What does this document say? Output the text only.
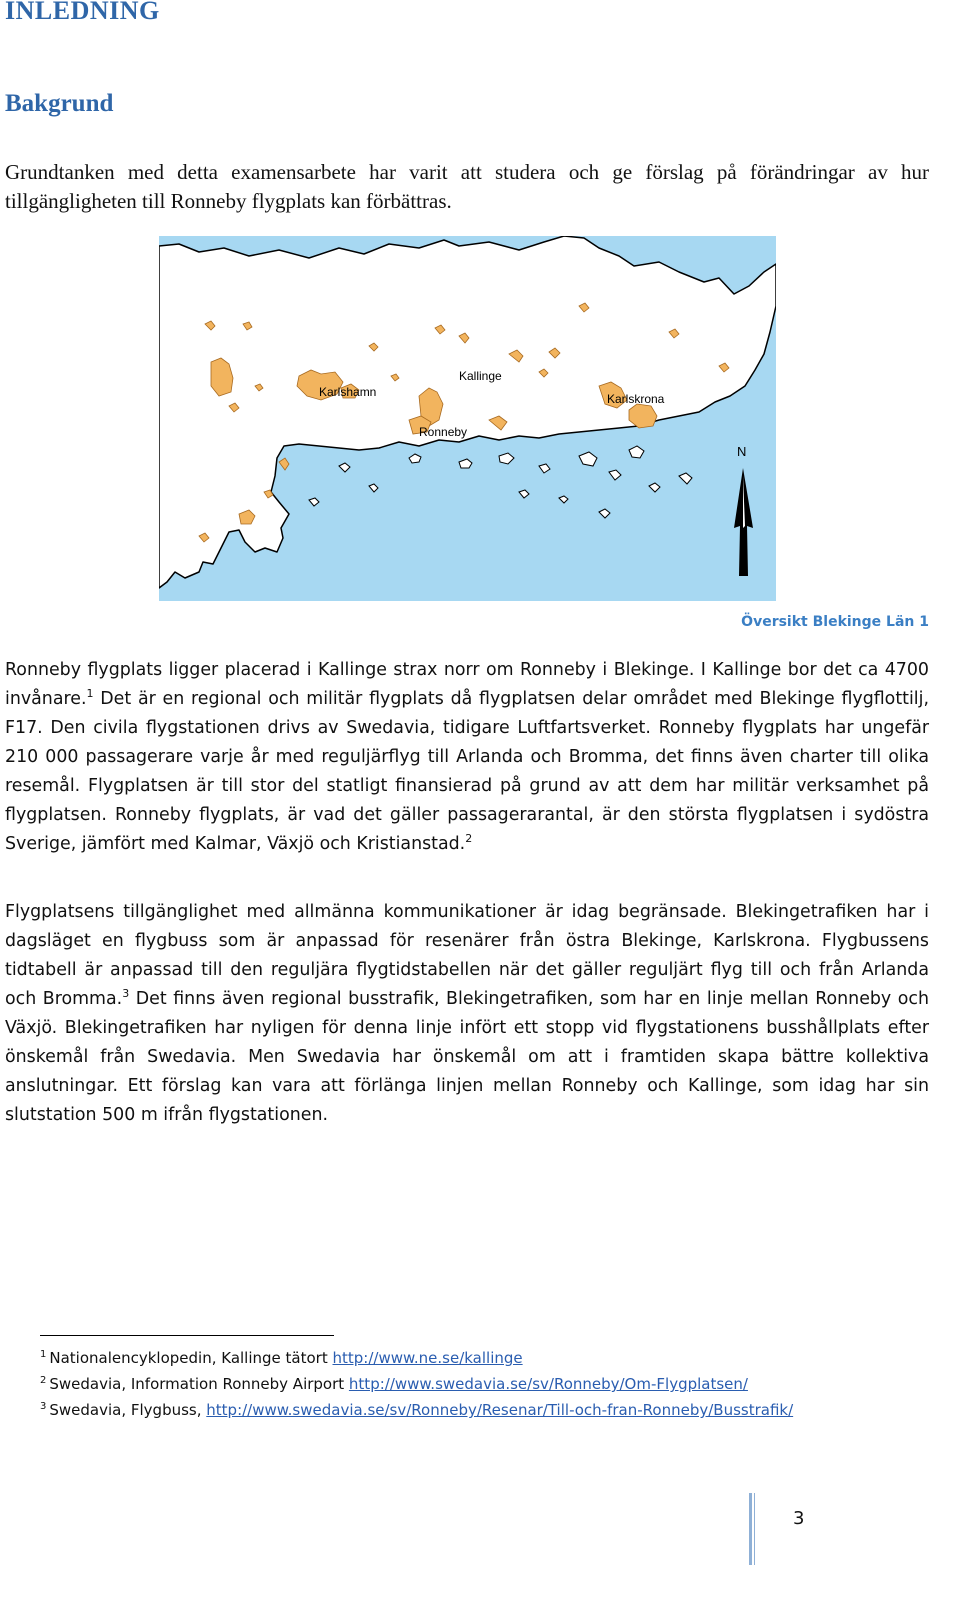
INLEDNING
Bakgrund

Grundtanken med detta examensarbete har varit att studera och ge förslag på förändringar av hur tillgängligheten till Ronneby flygplats kan förbättras.

Karlshamn
Kallinge
Ronneby
Karlskrona
N

Översikt Blekinge Län 1

Ronneby flygplats ligger placerad i Kallinge strax norr om Ronneby i Blekinge. I Kallinge bor det ca 4700 invånare.$^1$ Det är en regional och militär flygplats då flygplatsen delar området med Blekinge flygflottilj, F17. Den civila flygstationen drivs av Swedavia, tidigare Luftfartsverket. Ronneby flygplats har ungefär 210 000 passagerare varje år med reguljärflyg till Arlanda och Bromma, det finns även charter till olika resemål. Flygplatsen är till stor del statligt finansierad på grund av att dem har militär verksamhet på flygplatsen. Ronneby flygplats, är vad det gäller passagerarantal, är den största flygplatsen i sydöstra Sverige, jämfört med Kalmar, Växjö och Kristianstad.$^2$

Flygplatsens tillgänglighet med allmänna kommunikationer är idag begränsade. Blekingetrafiken har i dagsläget en flygbuss som är anpassad för resenärer från östra Blekinge, Karlskrona. Flygbussens tidtabell är anpassad till den reguljära flygtidstabellen när det gäller reguljärt flyg till och från Arlanda och Bromma.$^3$ Det finns även regional busstrafik, Blekingetrafiken, som har en linje mellan Ronneby och Växjö. Blekingetrafiken har nyligen för denna linje infört ett stopp vid flygstationens busshållplats efter önskemål från Swedavia. Men Swedavia har önskemål om att i framtiden skapa bättre kollektiva anslutningar. Ett förslag kan vara att förlänga linjen mellan Ronneby och Kallinge, som idag har sin slutstation 500 m ifrån flygstationen.

$^1$ Nationalencyklopedin, Kallinge tätort http://www.ne.se/kallinge

$^2$ Swedavia, Information Ronneby Airport http://www.swedavia.se/sv/Ronneby/Om-Flygplatsen/

$^3$ Swedavia, Flygbuss, http://www.swedavia.se/sv/Ronneby/Resenar/Till-och-fran-Ronneby/Busstrafik/

3
